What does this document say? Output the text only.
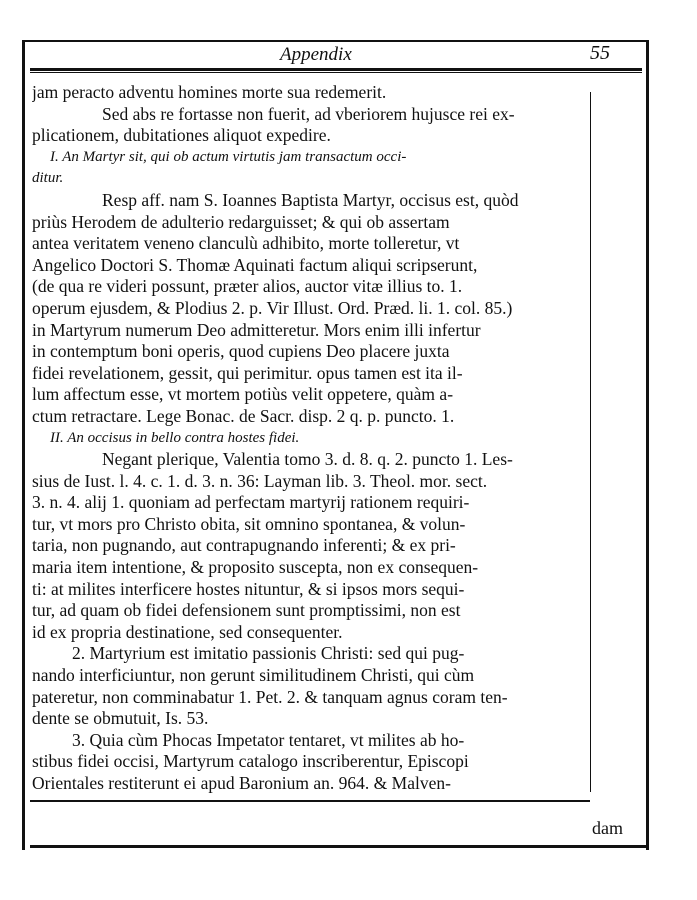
Appendix	55
jam peracto adventu homines morte sua redemerit.
Sed abs re fortasse non fuerit, ad vberiorem hujusce rei ex-
plicationem, dubitationes aliquot expedire.
I. An Martyr sit, qui ob actum virtutis jam transactum occi-
ditur.
Resp aff. nam S. Ioannes Baptista Martyr, occisus est, quòd
priùs Herodem de adulterio redarguisset; & qui ob assertam
antea veritatem veneno clanculù adhibito, morte tolleretur, vt
Angelico Doctori S. Thomæ Aquinati factum aliqui scripserunt,
(de qua re videri possunt, præter alios, auctor vitæ illius to. 1.
operum ejusdem, & Plodius 2. p. Vir Illust. Ord. Præd. li. 1. col. 85.)
in Martyrum numerum Deo admitteretur. Mors enim illi infertur
in contemptum boni operis, quod cupiens Deo placere juxta
fidei revelationem, gessit, qui perimitur. opus tamen est ita il-
lum affectum esse, vt mortem potiùs velit oppetere, quàm a-
ctum retractare. Lege Bonac. de Sacr. disp. 2 q. p. puncto. 1.
II. An occisus in bello contra hostes fidei.
Negant plerique, Valentia tomo 3. d. 8. q. 2. puncto 1. Les-
sius de Iust. l. 4. c. 1. d. 3. n. 36: Layman lib. 3. Theol. mor. sect.
3. n. 4. alij 1. quoniam ad perfectam martyrij rationem requiri-
tur, vt mors pro Christo obita, sit omnino spontanea, & volun-
taria, non pugnando, aut contrapugnando inferenti; & ex pri-
maria item intentione, & proposito suscepta, non ex consequen-
ti: at milites interficere hostes nituntur, & si ipsos mors sequi-
tur, ad quam ob fidei defensionem sunt promptissimi, non est
id ex propria destinatione, sed consequenter.
2. Martyrium est imitatio passionis Christi: sed qui pug-
nando interficiuntur, non gerunt similitudinem Christi, qui cùm
pateretur, non comminabatur 1. Pet. 2. & tanquam agnus coram ten-
dente se obmutuit, Is. 53.
3. Quia cùm Phocas Impetator tentaret, vt milites ab ho-
stibus fidei occisi, Martyrum catalogo inscriberentur, Episcopi
Orientales restiterunt ei apud Baronium an. 964. & Malven-
dam
